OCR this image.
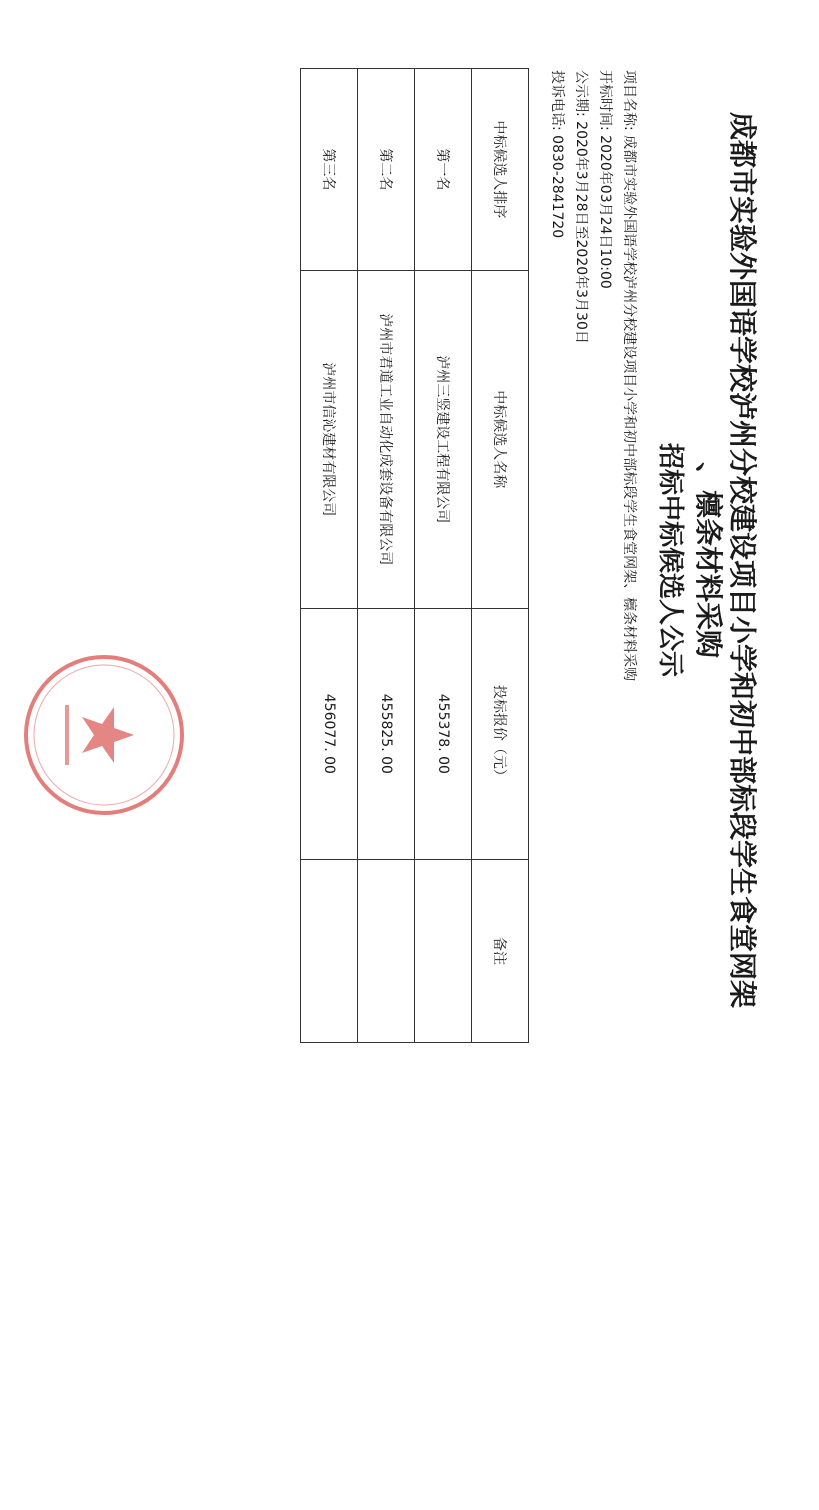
成都市实验外国语学校泸州分校建设项目小学和初中部标段学生食堂网架
、檩条材料采购
招标中标候选人公示
项目名称: 成都市实验外国语学校泸州分校建设项目小学和初中部标段学生食堂网架、檩条材料采购
开标时间: 2020年03月24日10:00
公示期: 2020年3月28日至2020年3月30日
投诉电话: 0830-2841720
中标候选人排序	中标候选人名称	投标报价（元）	备注
第一名	泸州三竖建设工程有限公司	455378. 00	
第二名	泸州市君道工业自动化成套设备有限公司	455825. 00	
第三名	泸州市信沁建材有限公司	456077. 00	
